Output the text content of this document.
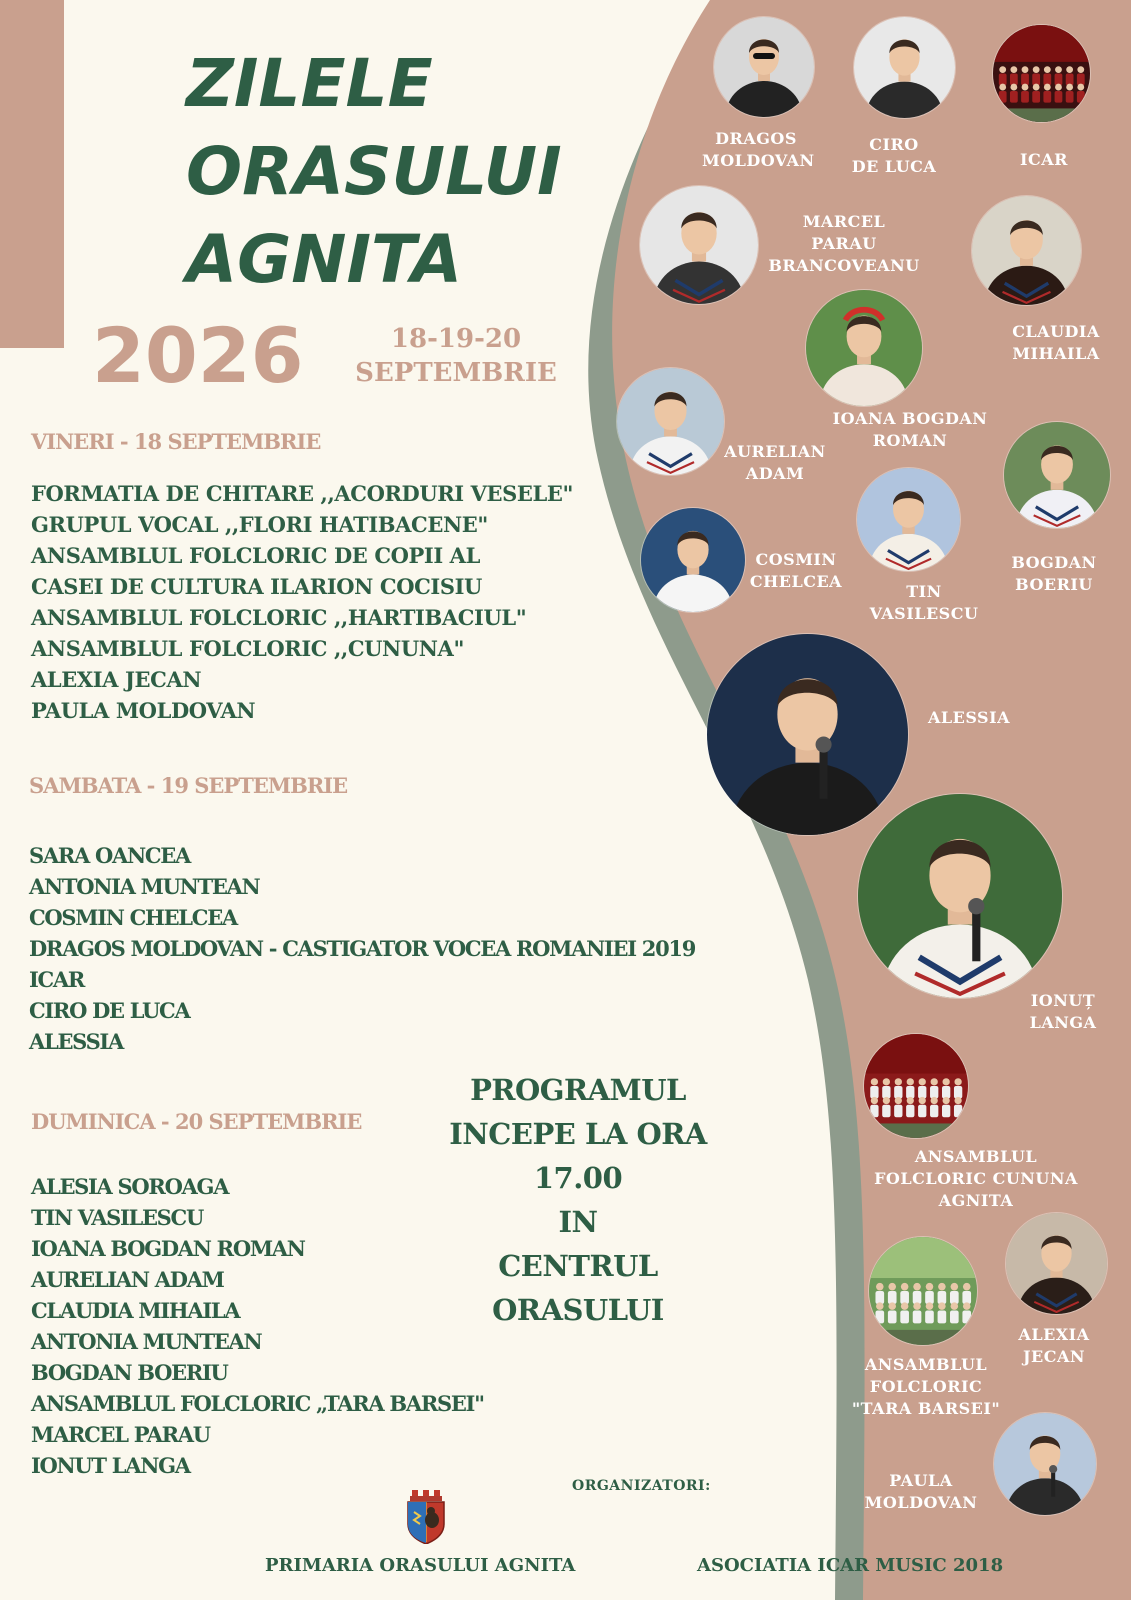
ZILELE
ORASULUI
AGNITA
2026	18-19-20
SEPTEMBRIE
VINERI - 18 SEPTEMBRIE
FORMATIA DE CHITARE ,,ACORDURI VESELE"
GRUPUL VOCAL ,,FLORI HATIBACENE"
ANSAMBLUL FOLCLORIC DE COPII AL
CASEI DE CULTURA ILARION COCISIU
ANSAMBLUL FOLCLORIC ,,HARTIBACIUL"
ANSAMBLUL FOLCLORIC ,,CUNUNA"
ALEXIA JECAN
PAULA MOLDOVAN
SAMBATA - 19 SEPTEMBRIE
SARA OANCEA
ANTONIA MUNTEAN
COSMIN CHELCEA
DRAGOS MOLDOVAN - CASTIGATOR VOCEA ROMANIEI 2019
ICAR
CIRO DE LUCA
ALESSIA
DUMINICA - 20 SEPTEMBRIE
ALESIA SOROAGA
TIN VASILESCU
IOANA BOGDAN ROMAN
AURELIAN ADAM
CLAUDIA MIHAILA
ANTONIA MUNTEAN
BOGDAN BOERIU
ANSAMBLUL FOLCLORIC „TARA BARSEI"
MARCEL PARAU
IONUT LANGA
PROGRAMUL
INCEPE LA ORA
17.00
IN
CENTRUL
ORASULUI
ORGANIZATORI:
PRIMARIA ORASULUI AGNITA	ASOCIATIA ICAR MUSIC 2018
DRAGOS
MOLDOVAN
CIRO
DE LUCA	ICAR
MARCEL
PARAU
BRANCOVEANU
CLAUDIA
MIHAILA
IOANA BOGDAN
ROMAN
AURELIAN
ADAM
BOGDAN
BOERIU
COSMIN
CHELCEA
TIN
VASILESCU
ALESSIA
IONUȚ
LANGA
ANSAMBLUL
FOLCLORIC CUNUNA
AGNITA
ANSAMBLUL
FOLCLORIC
"TARA BARSEI"
ALEXIA
JECAN
PAULA
MOLDOVAN
